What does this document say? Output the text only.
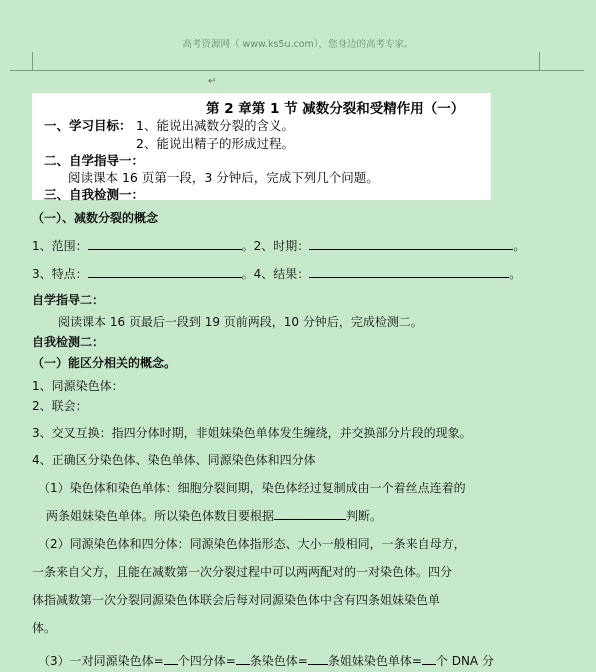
高考资源网（ www.ks5u.com），您身边的高考专家。
↵
第 2 章第 1 节 减数分裂和受精作用（一）
一、学习目标： 1、能说出减数分裂的含义。
2、能说出精子的形成过程。
二、自学指导一：
阅读课本 16 页第一段，3 分钟后，完成下列几个问题。
三、自我检测一：
（一）、减数分裂的概念
1、范围：	。2、时期：	。
3、特点：	。4、结果：	。
自学指导二：
阅读课本 16 页最后一段到 19 页前两段，10 分钟后，完成检测二。
自我检测二：
（一）能区分相关的概念。
1、同源染色体：
2、联会：
3、交叉互换：指四分体时期，非姐妹染色单体发生缠绕，并交换部分片段的现象。
4、正确区分染色体、染色单体、同源染色体和四分体
（1）染色体和染色单体：细胞分裂间期，染色体经过复制成由一个着丝点连着的
两条姐妹染色单体。所以染色体数目要根据	判断。
（2）同源染色体和四分体：同源染色体指形态、大小一般相同，一条来自母方，
一条来自父方，且能在减数第一次分裂过程中可以两两配对的一对染色体。四分
体指减数第一次分裂同源染色体联会后每对同源染色体中含有四条姐妹染色单
体。
（3）一对同源染色体= 个四分体= 条染色体= 条姐妹染色单体= 个 DNA 分
